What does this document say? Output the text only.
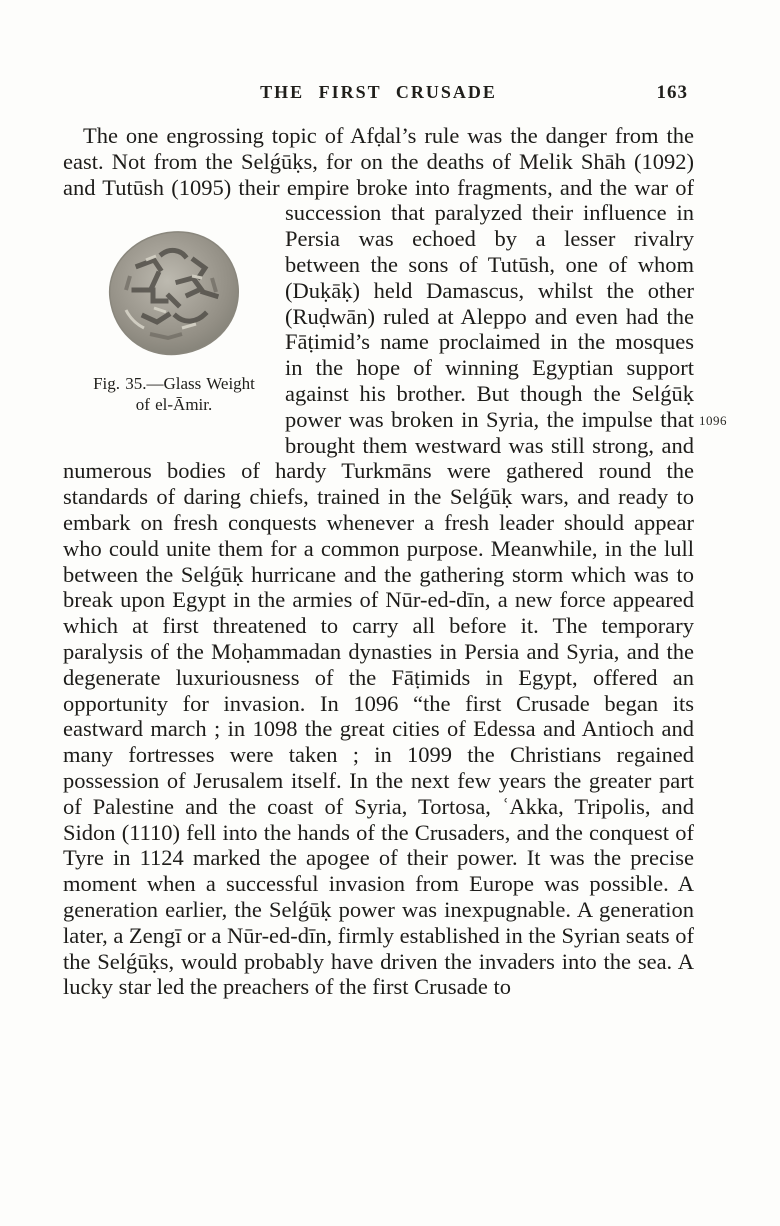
THE FIRST CRUSADE	163
The one engrossing topic of Afḍal’s rule was the danger from the east. Not from the Selǵūḳs, for on the deaths of Melik Shāh (1092) and Tutūsh (1095) their empire broke into fragments, and the war of succession that
Fig. 35.—Glass Weight
of el-Āmir.
paralyzed their influence in Persia was echoed by a lesser rivalry between the sons of Tutūsh, one of whom (Duḳāḳ) held Damascus, whilst the other (Ruḍwān) ruled at Aleppo and even had the Fāṭimid’s name proclaimed in the mosques in the hope of winning Egyptian support against his brother. But though the Selǵūḳ power was broken in Syria, the impulse that brought them westward was still strong, and numerous bodies of hardy Turkmāns were gathered round the standards of daring chiefs, trained in the Selǵūḳ wars, and ready to embark on fresh conquests whenever a fresh leader should appear who could unite them for a common purpose. Meanwhile, in the lull between the Selǵūḳ hurricane and the gathering storm which was to break upon Egypt in the armies of Nūr-ed-dīn, a new force appeared which at first threatened to carry all before it. The temporary paralysis of the Moḥammadan dynasties in Persia and Syria, and the degenerate luxuriousness of the Fāṭimids in Egypt, offered an opportunity for invasion. In 1096 “the first Crusade began its eastward march ; in 1098 the great cities of Edessa and Antioch and many fortresses were taken ; in 1099 the Christians regained possession of Jerusalem itself. In the next few years the greater part of Palestine and the coast of Syria, Tortosa, ʿAkka, Tripolis, and Sidon (1110) fell into the hands of the Crusaders, and the conquest of Tyre in 1124 marked the apogee of their power. It was the precise moment when a successful invasion from Europe was possible. A generation earlier, the Selǵūḳ power was inexpugnable. A generation later, a Zengī or a Nūr-ed-dīn, firmly established in the Syrian seats of the Selǵūḳs, would probably have driven the invaders into the sea. A lucky star led the preachers of the first Crusade to
1096
